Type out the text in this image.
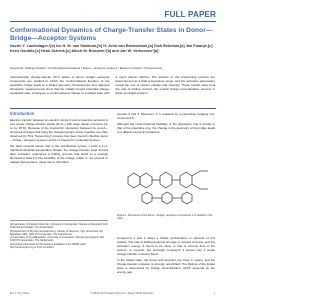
FULL PAPER
Conformational Dynamics of Charge-Transfer States in Donor—Bridge—Acceptor Systems
Xavier Y. Lauteslager,*[a] Ivo H. M. van Stokkum,[b] H. John van Ramesdonk,[a] Dick Bebelaar,[a] Jan Fraanje,[c] Kees Goubitz,[c] Henk Schenk,[c] Albert M. Brouwer,*[a] and Jan W. Verhoeven*[a]
Keywords: Charge transfer / Conformational analysis / Donor—acceptor systems / Electron transfer / Fluorescence
Intramolecular charge-transfer (ICT) states of donor—bridge—acceptor compounds are studied in which the conformational freedom of the piperidine bridge leads to a folded geometry. Fluorescence and transient absorption measurements show that the initially formed extended charge-separated state undergoes a conformational change to a folded state with a much shorter lifetime. The kinetics of this harpooning process are determined over a wide temperature range, and the activation parameters reveal the role of solvent polarity and viscosity. These results show how the rate of folding controls the overall charge recombination process in these semirigid systems.
Introduction

Electron transfer between an electron donor D and an electron acceptor A can create charge-transfer states (D+A−) with large dipole moments (up to ca. 25 D). Because of the Coulombic interaction between D+ and A−, structural changes that bring the charged groups closer together are often observed.[1] This "harpooning" process has been found in flexible donor—bridge—acceptor systems and is of interest for molecular devices.

We have recently shown that in the semiflexible system 1 (with a 4-(1-naphthylmethylidene)piperidine bridge) the charge-transfer state formed after excitation undergoes a folding process that leads to a strongly fluorescent state.[2] The flexibility of the bridge, which is not present in related rigid systems, gives rise to this effect.

[a] Laboratory of Organic Chemistry, University of Amsterdam, Nieuwe Achtergracht 129, 1018 WS Amsterdam, The Netherlands
[b] Department of Physics and Astronomy, Faculty of Sciences, Vrije Universiteit, De Boelelaan 1081, 1081 HV Amsterdam, The Netherlands
[c] Laboratory of Crystallography, University of Amsterdam, Nieuwe Achtergracht 166, 1018 WV Amsterdam, The Netherlands
Supporting information for this article is available on the WWW under http://www.eurjoc.org or from the author.

pounds 2 and 3. Moreover, 4 is replaced by a piperazine bridging unit, compound 5.

Although the conformational flexibility of the piperazine ring is similar to that of the piperidine ring, the change in the geometry of the bridge leads to a different dynamic behaviour.

Figure 1. Structures of the donor—bridge—acceptor compounds 1–5 studied in this work.

Compound 1 and 2 adopt a folded conformation in solvents of low polarity. The rate of folding depends strongly on solvent viscosity, and the activation energy is found to be close to that of viscous flow of the solvent. In contrast, the semirigid compound 3 shows only a single charge-transfer emission band.

In the folded state, the donor and acceptor are close in space, and the charge-transfer emission is strongly red-shifted. The lifetime of the folded state is determined by charge recombination, which depends on the energy gap.

Eur. J. Org. Chem.	© WILEY-VCH Verlag GmbH & Co. KGaA, 69451 Weinheim	1
